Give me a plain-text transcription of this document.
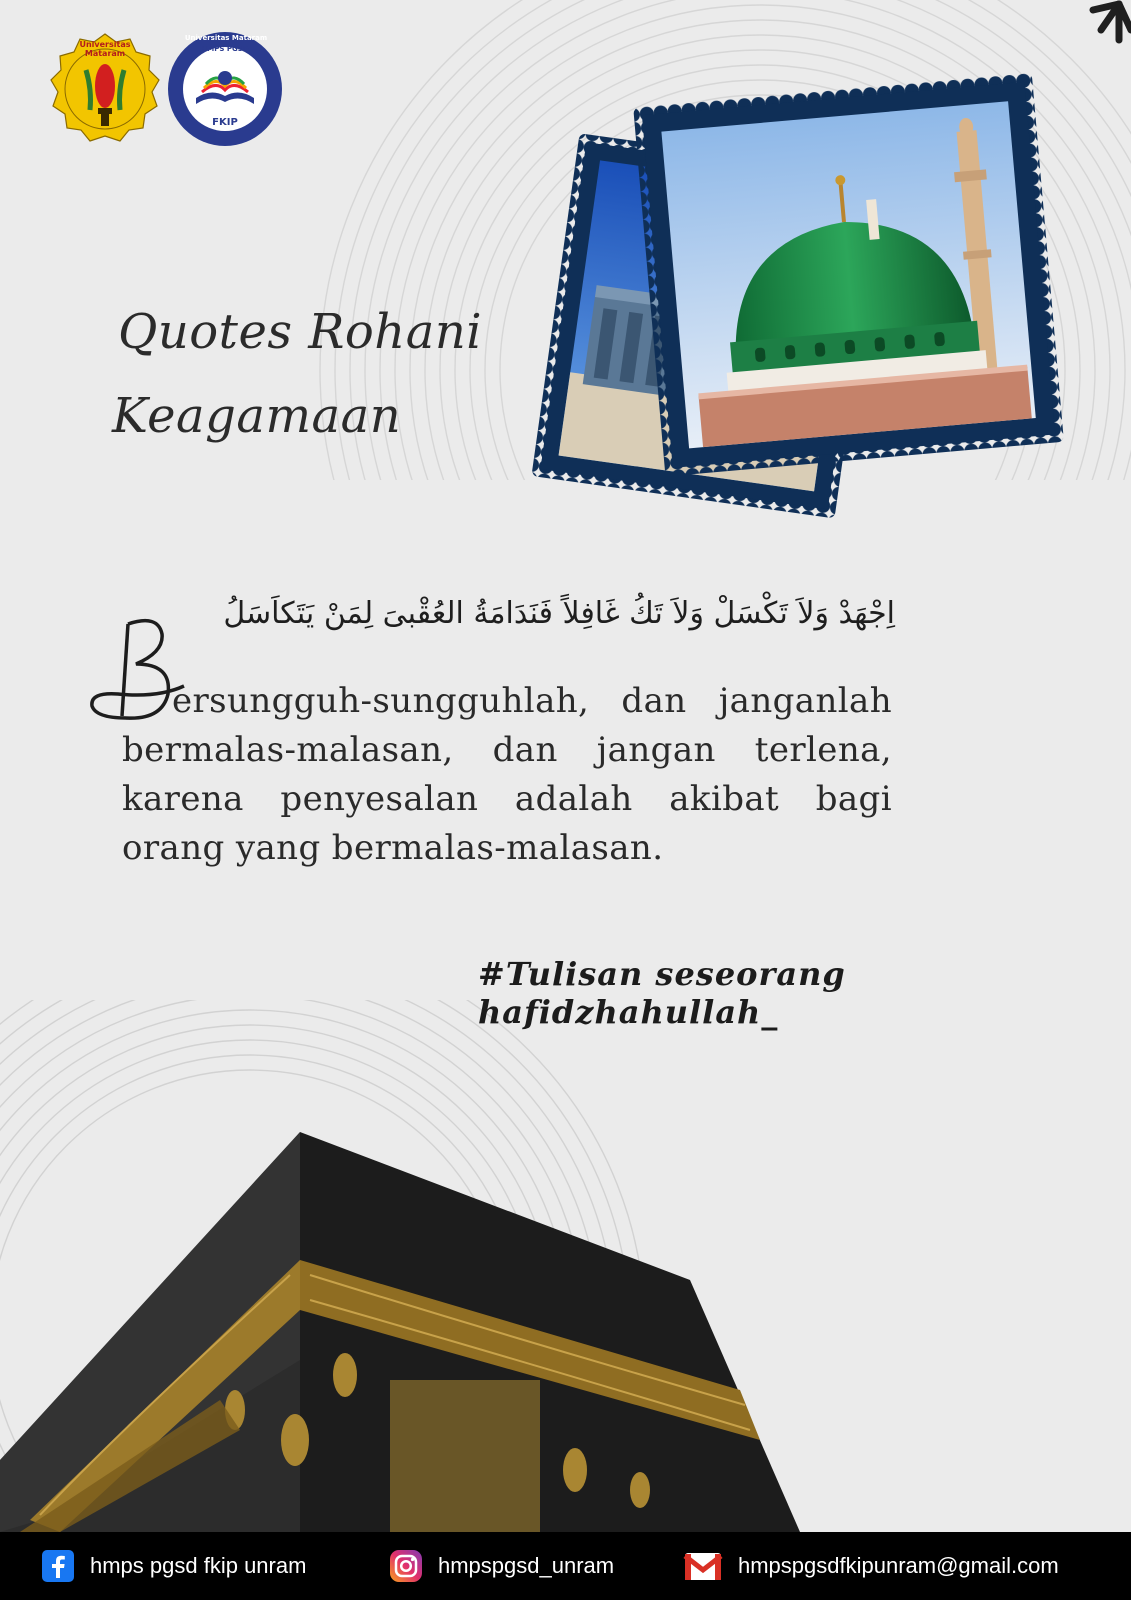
Universitas Mataram	HMPS PGSD
FKIP
Universitas Mataram
Quotes Rohani
Keagamaan
اِجْهَدْ وَلاَ تَكْسَلْ وَلاَ تَكُ غَافِلاً فَنَدَامَةُ العُقْبىَ لِمَنْ يَتَكاَسَلُ
ersungguh-sungguhlah, dan janganlah bermalas-malasan, dan jangan terlena, karena penyesalan adalah akibat bagi orang yang bermalas-malasan.
#Tulisan seseorang hafidzhahullah_
hmps pgsd fkip unram	hmpspgsd_unram	hmpspgsdfkipunram@gmail.com
